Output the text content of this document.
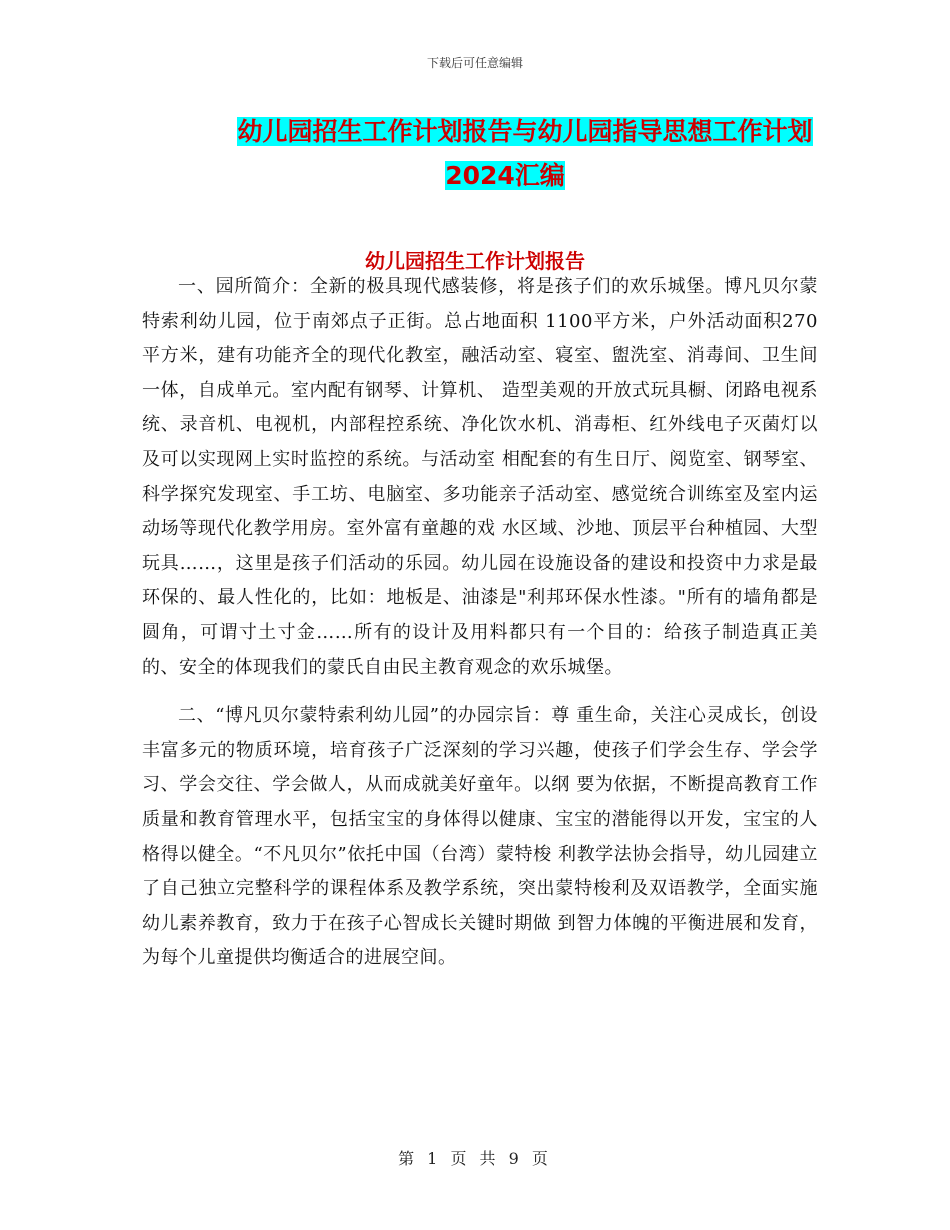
下载后可任意编辑
幼儿园招生工作计划报告与幼儿园指导思想工作计划
2024汇编
幼儿园招生工作计划报告

一、园所简介：全新的极具现代感装修，将是孩子们的欢乐城堡。博凡贝尔蒙特索利幼儿园，位于南郊点子正街。总占地面积 1100平方米，户外活动面积270平方米，建有功能齐全的现代化教室，融活动室、寝室、盥洗室、消毒间、卫生间一体，自成单元。室内配有钢琴、计算机、 造型美观的开放式玩具橱、闭路电视系统、录音机、电视机，内部程控系统、净化饮水机、消毒柜、红外线电子灭菌灯以及可以实现网上实时监控的系统。与活动室 相配套的有生日厅、阅览室、钢琴室、科学探究发现室、手工坊、电脑室、多功能亲子活动室、感觉统合训练室及室内运动场等现代化教学用房。室外富有童趣的戏 水区域、沙地、顶层平台种植园、大型玩具……，这里是孩子们活动的乐园。幼儿园在设施设备的建设和投资中力求是最环保的、最人性化的，比如：地板是、油漆是"利邦环保水性漆。"所有的墙角都是圆角，可谓寸土寸金……所有的设计及用料都只有一个目的：给孩子制造真正美的、安全的体现我们的蒙氏自由民主教育观念的欢乐城堡。

二、“博凡贝尔蒙特索利幼儿园”的办园宗旨：尊 重生命，关注心灵成长，创设丰富多元的物质环境，培育孩子广泛深刻的学习兴趣，使孩子们学会生存、学会学习、学会交往、学会做人，从而成就美好童年。以纲 要为依据，不断提高教育工作质量和教育管理水平，包括宝宝的身体得以健康、宝宝的潜能得以开发，宝宝的人格得以健全。“不凡贝尔”依托中国（台湾）蒙特梭 利教学法协会指导，幼儿园建立了自己独立完整科学的课程体系及教学系统，突出蒙特梭利及双语教学，全面实施幼儿素养教育，致力于在孩子心智成长关键时期做 到智力体魄的平衡进展和发育，为每个儿童提供均衡适合的进展空间。

第 1 页 共 9 页
